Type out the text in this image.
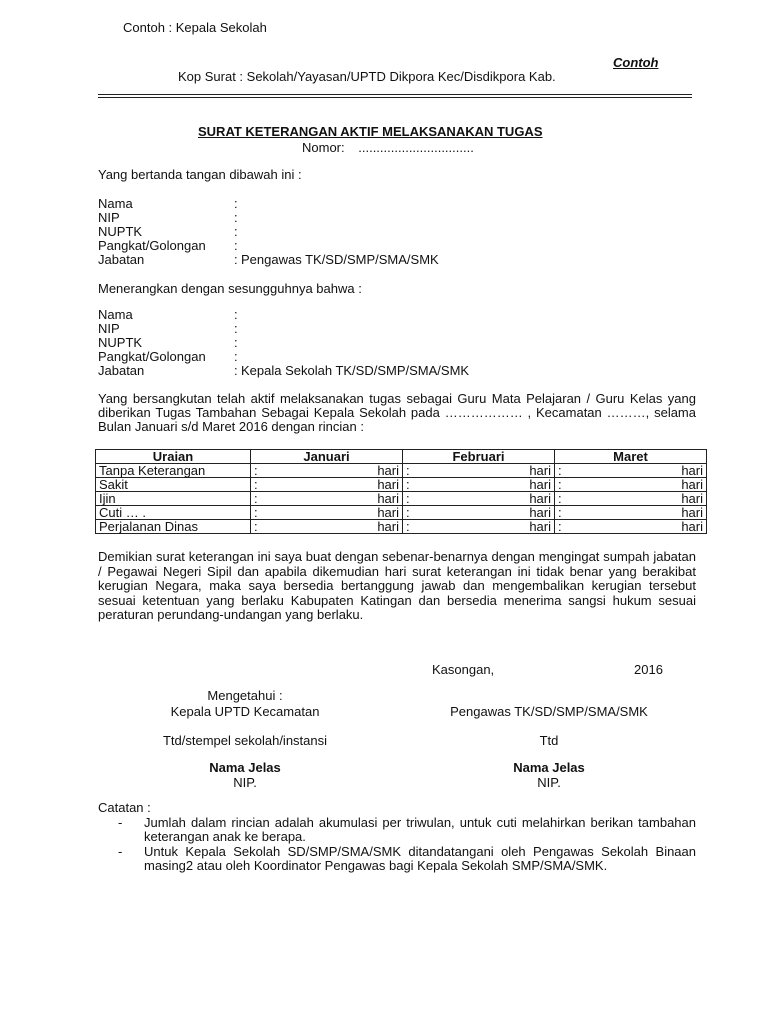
Contoh : Kepala Sekolah
Contoh
Kop Surat : Sekolah/Yayasan/UPTD Dikpora Kec/Disdikpora Kab.
SURAT KETERANGAN AKTIF MELAKSANAKAN TUGAS
Nomor: ................................
Yang bertanda tangan dibawah ini :
Nama	:
NIP	:
NUPTK	:
Pangkat/Golongan :
Jabatan	: Pengawas TK/SD/SMP/SMA/SMK
Menerangkan dengan sesungguhnya bahwa :
Nama	:
NIP	:
NUPTK	:
Pangkat/Golongan :
Jabatan	: Kepala Sekolah TK/SD/SMP/SMA/SMK
Yang bersangkutan telah aktif melaksanakan tugas sebagai Guru Mata Pelajaran / Guru Kelas yang diberikan Tugas Tambahan Sebagai Kepala Sekolah pada ……………… , Kecamatan ………, selama Bulan Januari s/d Maret 2016 dengan rincian :
Uraian	Januari	Februari	Maret
Tanpa Keterangan	: hari	: hari	: hari

Sakit	: hari	: hari	: hari

Ijin	: hari	: hari	: hari

Cuti … .	: hari	: hari	: hari

Perjalanan Dinas	: hari	: hari	: hari
Demikian surat keterangan ini saya buat dengan sebenar-benarnya dengan mengingat sumpah jabatan / Pegawai Negeri Sipil dan apabila dikemudian hari surat keterangan ini tidak benar yang berakibat kerugian Negara, maka saya bersedia bertanggung jawab dan mengembalikan kerugian tersebut sesuai ketentuan yang berlaku Kabupaten Katingan dan bersedia menerima sangsi hukum sesuai peraturan perundang-undangan yang berlaku.
Kasongan,	2016
Mengetahui :
Kepala UPTD Kecamatan
Ttd/stempel sekolah/instansi
Nama Jelas
NIP.
Pengawas TK/SD/SMP/SMA/SMK
Ttd
Nama Jelas
NIP.
Catatan :
- Jumlah dalam rincian adalah akumulasi per triwulan, untuk cuti melahirkan berikan tambahan keterangan anak ke berapa.
- Untuk Kepala Sekolah SD/SMP/SMA/SMK ditandatangani oleh Pengawas Sekolah Binaan masing2 atau oleh Koordinator Pengawas bagi Kepala Sekolah SMP/SMA/SMK.
